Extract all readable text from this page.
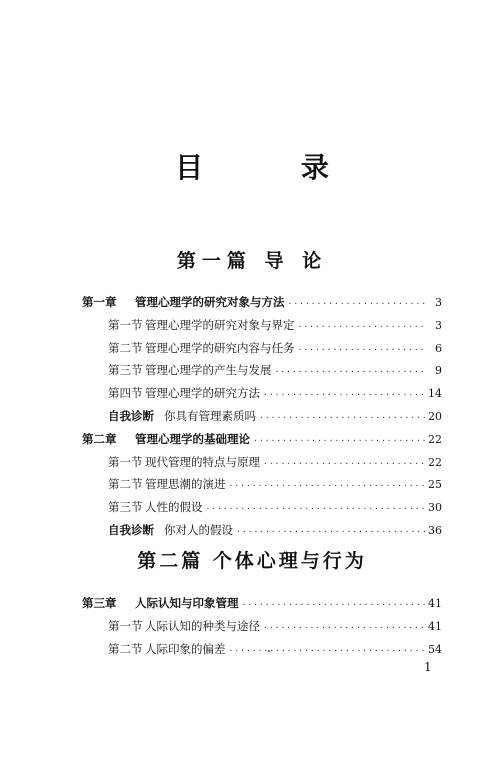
目 录
第一篇 导 论
第一章	管理心理学的研究对象与方法 ·····	3
第一节 管理心理学的研究对象与界定 ·····	3
第二节 管理心理学的研究内容与任务 ·····	6
第三节 管理心理学的产生与发展 ·····	9
第四节 管理心理学的研究方法 ·····	14
自我诊断 你具有管理素质吗 ·····	20
第二章	管理心理学的基础理论 ·····	22
第一节 现代管理的特点与原理 ·····	22
第二节 管理思潮的演进 ·····	25
第三节 人性的假设 ·····	30
自我诊断 你对人的假设 ·····	36
第二篇 个体心理与行为
第三章	人际认知与印象管理 ·····	41
第一节 人际认知的种类与途径 ·····	41
第二节 人际印象的偏差 ·····	54
1
